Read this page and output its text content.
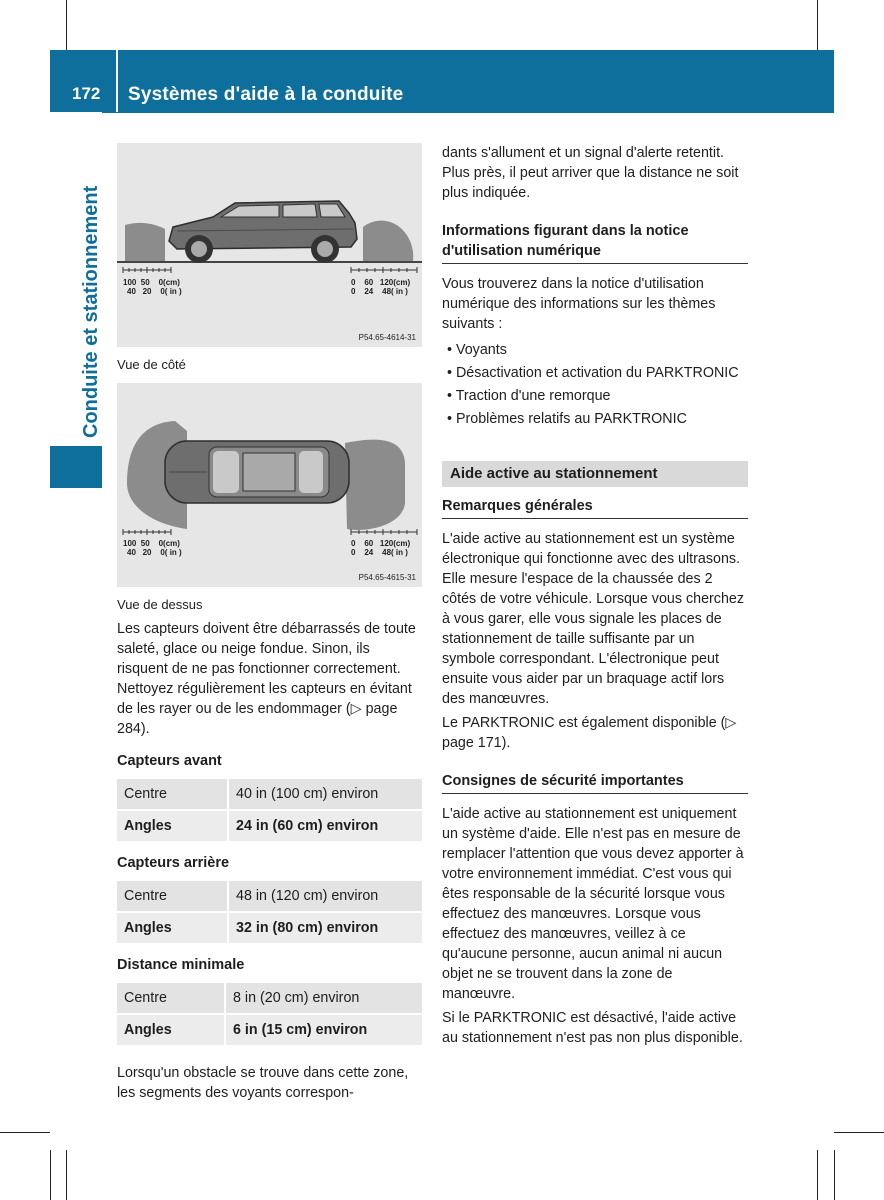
172 Systèmes d'aide à la conduite
Conduite et stationnement	100  50    0(cm)
40   20    0( in )
0    60   120(cm)
0    24    48( in )
P54.65-4614-31
Vue de côté
100  50    0(cm)
40   20    0( in )
0    60   120(cm)
0    24    48( in )
P54.65-4615-31
Vue de dessus

Les capteurs doivent être débarrassés de toute saleté, glace ou neige fondue. Sinon, ils risquent de ne pas fonctionner correctement. Nettoyez régulièrement les capteurs en évitant de les rayer ou de les endommager (▷ page 284).

Capteurs avant

Centre	40 in (100 cm) environ
Angles	24 in (60 cm) environ

Capteurs arrière

Centre	48 in (120 cm) environ
Angles	32 in (80 cm) environ

Distance minimale

Centre	8 in (20 cm) environ
Angles	6 in (15 cm) environ

Lorsqu'un obstacle se trouve dans cette zone, les segments des voyants correspon-

dants s'allument et un signal d'alerte retentit. Plus près, il peut arriver que la distance ne soit plus indiquée.

Informations figurant dans la notice d'utilisation numérique

Vous trouverez dans la notice d'utilisation numérique des informations sur les thèmes suivants :

• Voyants
• Désactivation et activation du PARKTRONIC
• Traction d'une remorque
• Problèmes relatifs au PARKTRONIC
Aide active au stationnement
Remarques générales

L'aide active au stationnement est un système électronique qui fonctionne avec des ultrasons. Elle mesure l'espace de la chaussée des 2 côtés de votre véhicule. Lorsque vous cherchez à vous garer, elle vous signale les places de stationnement de taille suffisante par un symbole correspondant. L'électronique peut ensuite vous aider par un braquage actif lors des manœuvres.

Le PARKTRONIC est également disponible (▷ page 171).

Consignes de sécurité importantes

L'aide active au stationnement est uniquement un système d'aide. Elle n'est pas en mesure de remplacer l'attention que vous devez apporter à votre environnement immédiat. C'est vous qui êtes responsable de la sécurité lorsque vous effectuez des manœuvres. Lorsque vous effectuez des manœuvres, veillez à ce qu'aucune personne, aucun animal ni aucun objet ne se trouvent dans la zone de manœuvre.

Si le PARKTRONIC est désactivé, l'aide active au stationnement n'est pas non plus disponible.
